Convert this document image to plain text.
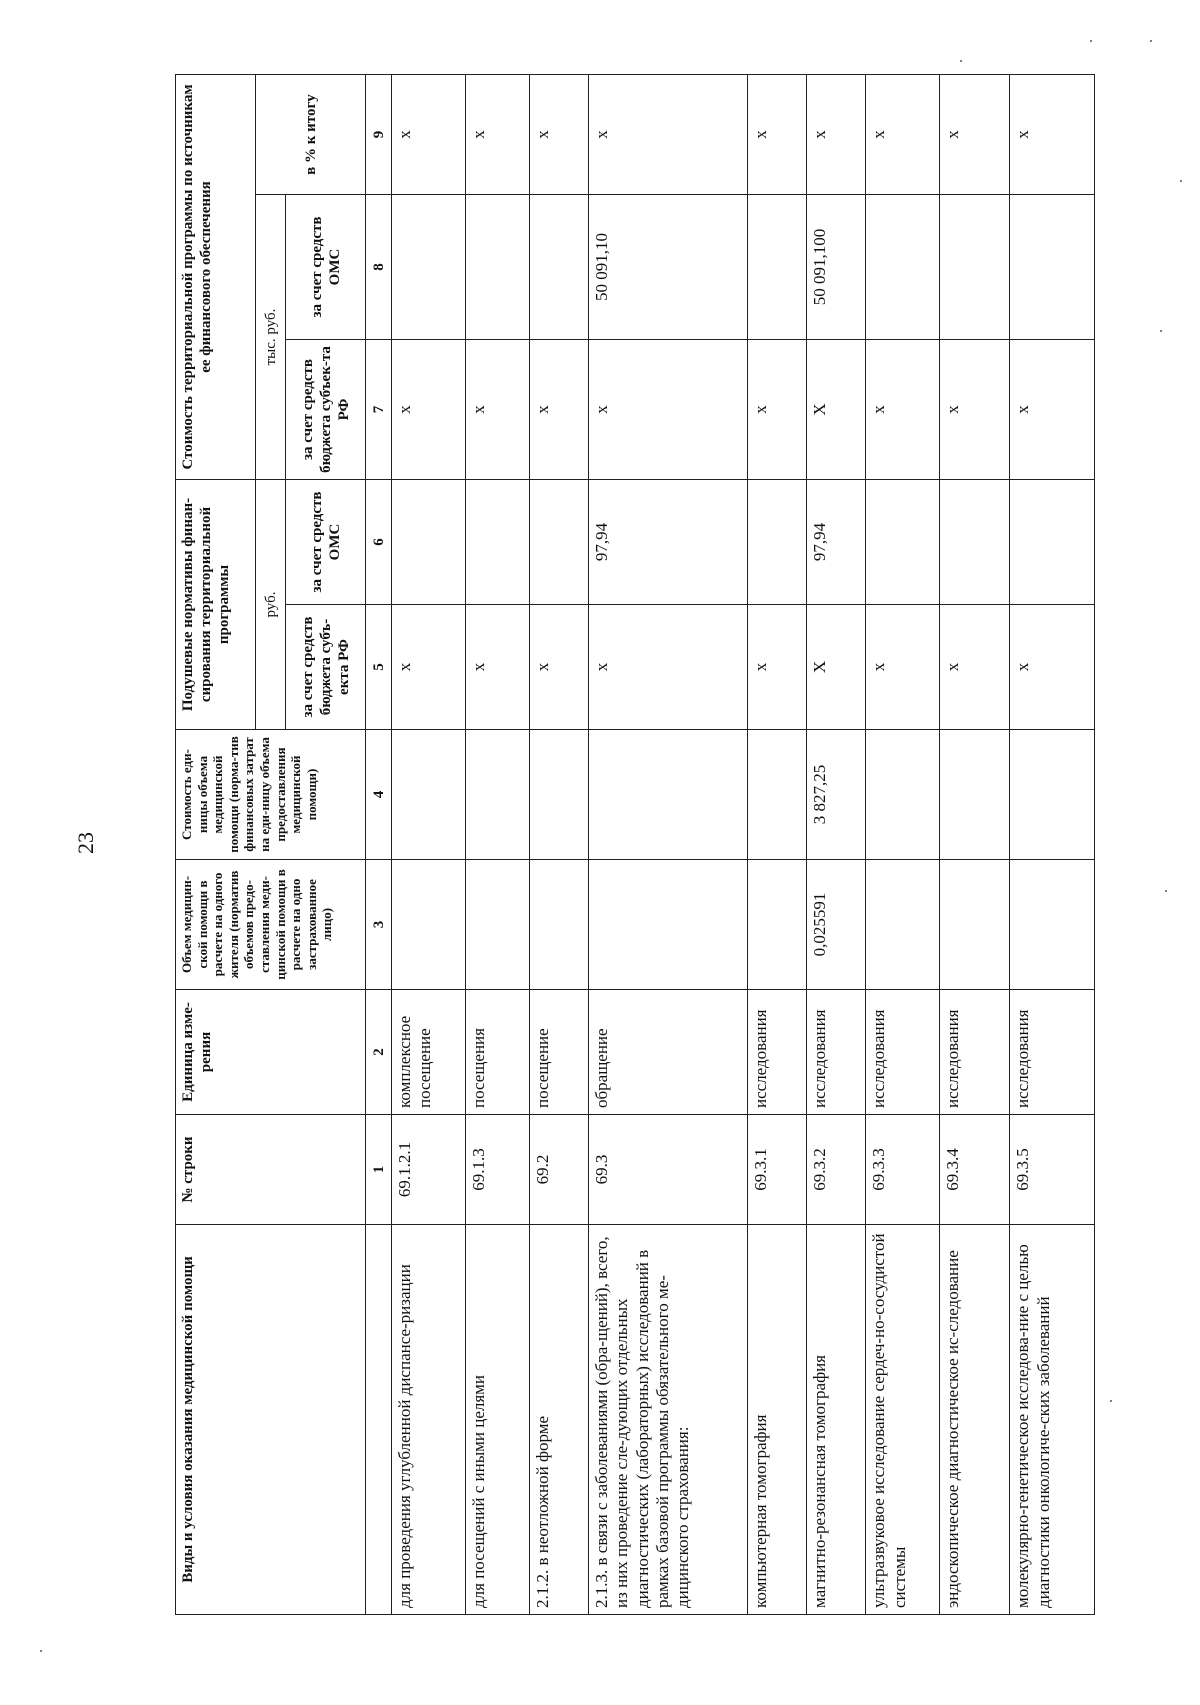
23
Виды и условия оказания медицинской помощи	№ строки	Единица изме-рения	Объем медицин-ской помощи в расчете на одного жителя (норматив объемов предо-ставления меди-цинской помощи в расчете на одно застрахованное лицо)	Стоимость еди-ницы объема медицинской помощи (норма-тив финансовых затрат на еди-ницу объема предоставления медицинской помощи)	Подушевые нормативы финан-сирования территориальной программы		Стоимость территориальной программы по источникам ее финансового обеспечения		
					руб.		тыс. руб.		в % к итогу
					за счет средств бюджета субъ-екта РФ	за счет средств ОМС	за счет средств бюджета субъек-та РФ	за счет средств ОМС	
	1	2	3	4	5	6	7	8	9
для проведения углубленной диспансе-ризации	69.1.2.1	комплексное посещение			x		x		x
для посещений с иными целями	69.1.3	посещения			x		x		x
2.1.2. в неотложной форме	69.2	посещение			x		x		x
2.1.3. в связи с заболеваниями (обра-щений), всего, из них проведение сле-дующих отдельных диагностических (лабораторных) исследований в рамках базовой программы обязательного ме-дицинского страхования:	69.3	обращение			x	97,94	x	50 091,10	x
компьютерная томография	69.3.1	исследования			x		x		x
магнитно-резонансная томография	69.3.2	исследования	0,025591	3 827,25	X	97,94	X	50 091,100	x
ультразвуковое исследование сердеч-но-сосудистой системы	69.3.3	исследования			x		x		x
эндоскопическое диагностическое ис-следование	69.3.4	исследования			x		x		x
молекулярно-генетическое исследова-ние с целью диагностики онкологиче-ских заболеваний	69.3.5	исследования			x		x		x
